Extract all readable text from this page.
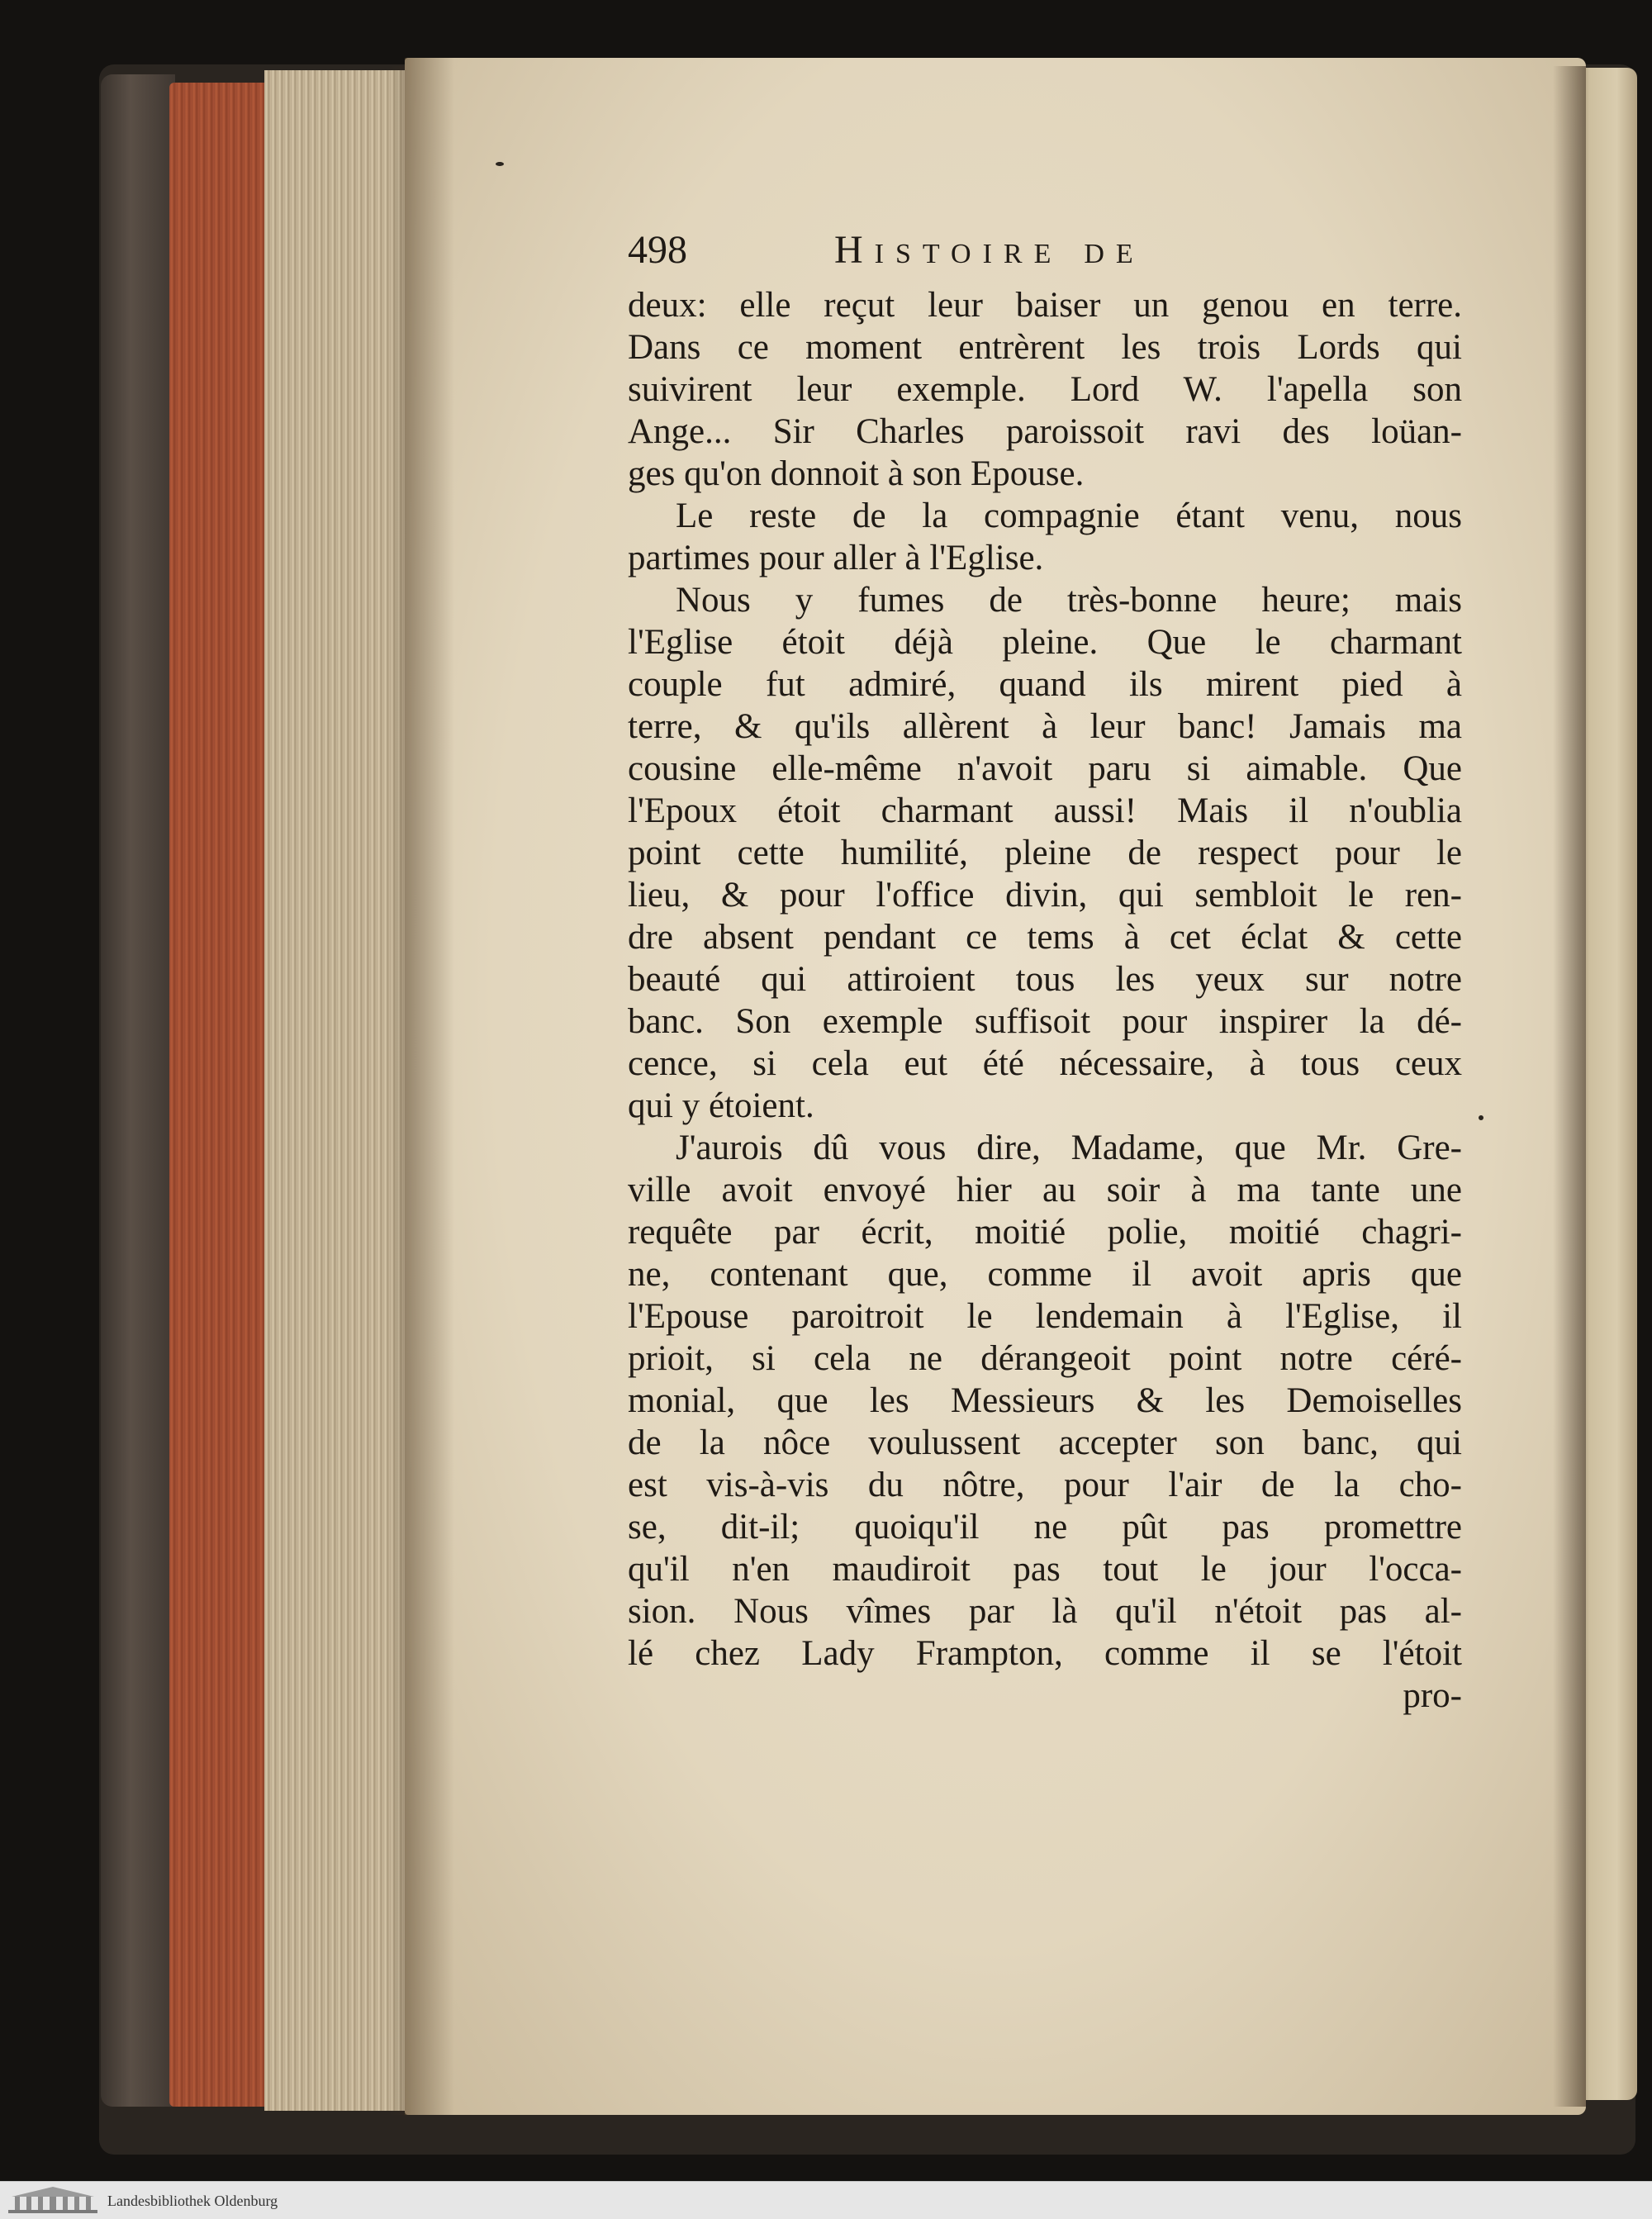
498	Histoire de
deux: elle reçut leur baiser un genou en terre.
Dans ce moment entrèrent les trois Lords qui
suivirent leur exemple. Lord W. l'apella son
Ange... Sir Charles paroissoit ravi des loüan-
ges qu'on donnoit à son Epouse.
Le reste de la compagnie étant venu, nous
partimes pour aller à l'Eglise.
Nous y fumes de très-bonne heure; mais
l'Eglise étoit déjà pleine. Que le charmant
couple fut admiré, quand ils mirent pied à
terre, & qu'ils allèrent à leur banc! Jamais ma
cousine elle-même n'avoit paru si aimable. Que
l'Epoux étoit charmant aussi! Mais il n'oublia
point cette humilité, pleine de respect pour le
lieu, & pour l'office divin, qui sembloit le ren-
dre absent pendant ce tems à cet éclat & cette
beauté qui attiroient tous les yeux sur notre
banc. Son exemple suffisoit pour inspirer la dé-
cence, si cela eut été nécessaire, à tous ceux
qui y étoient.
J'aurois dû vous dire, Madame, que Mr. Gre-
ville avoit envoyé hier au soir à ma tante une
requête par écrit, moitié polie, moitié chagri-
ne, contenant que, comme il avoit apris que
l'Epouse paroitroit le lendemain à l'Eglise, il
prioit, si cela ne dérangeoit point notre céré-
monial, que les Messieurs & les Demoiselles
de la nôce voulussent accepter son banc, qui
est vis-à-vis du nôtre, pour l'air de la cho-
se, dit-il; quoiqu'il ne pût pas promettre
qu'il n'en maudiroit pas tout le jour l'occa-
sion. Nous vîmes par là qu'il n'étoit pas al-
lé chez Lady Frampton, comme il se l'étoit
pro-
Landesbibliothek Oldenburg
